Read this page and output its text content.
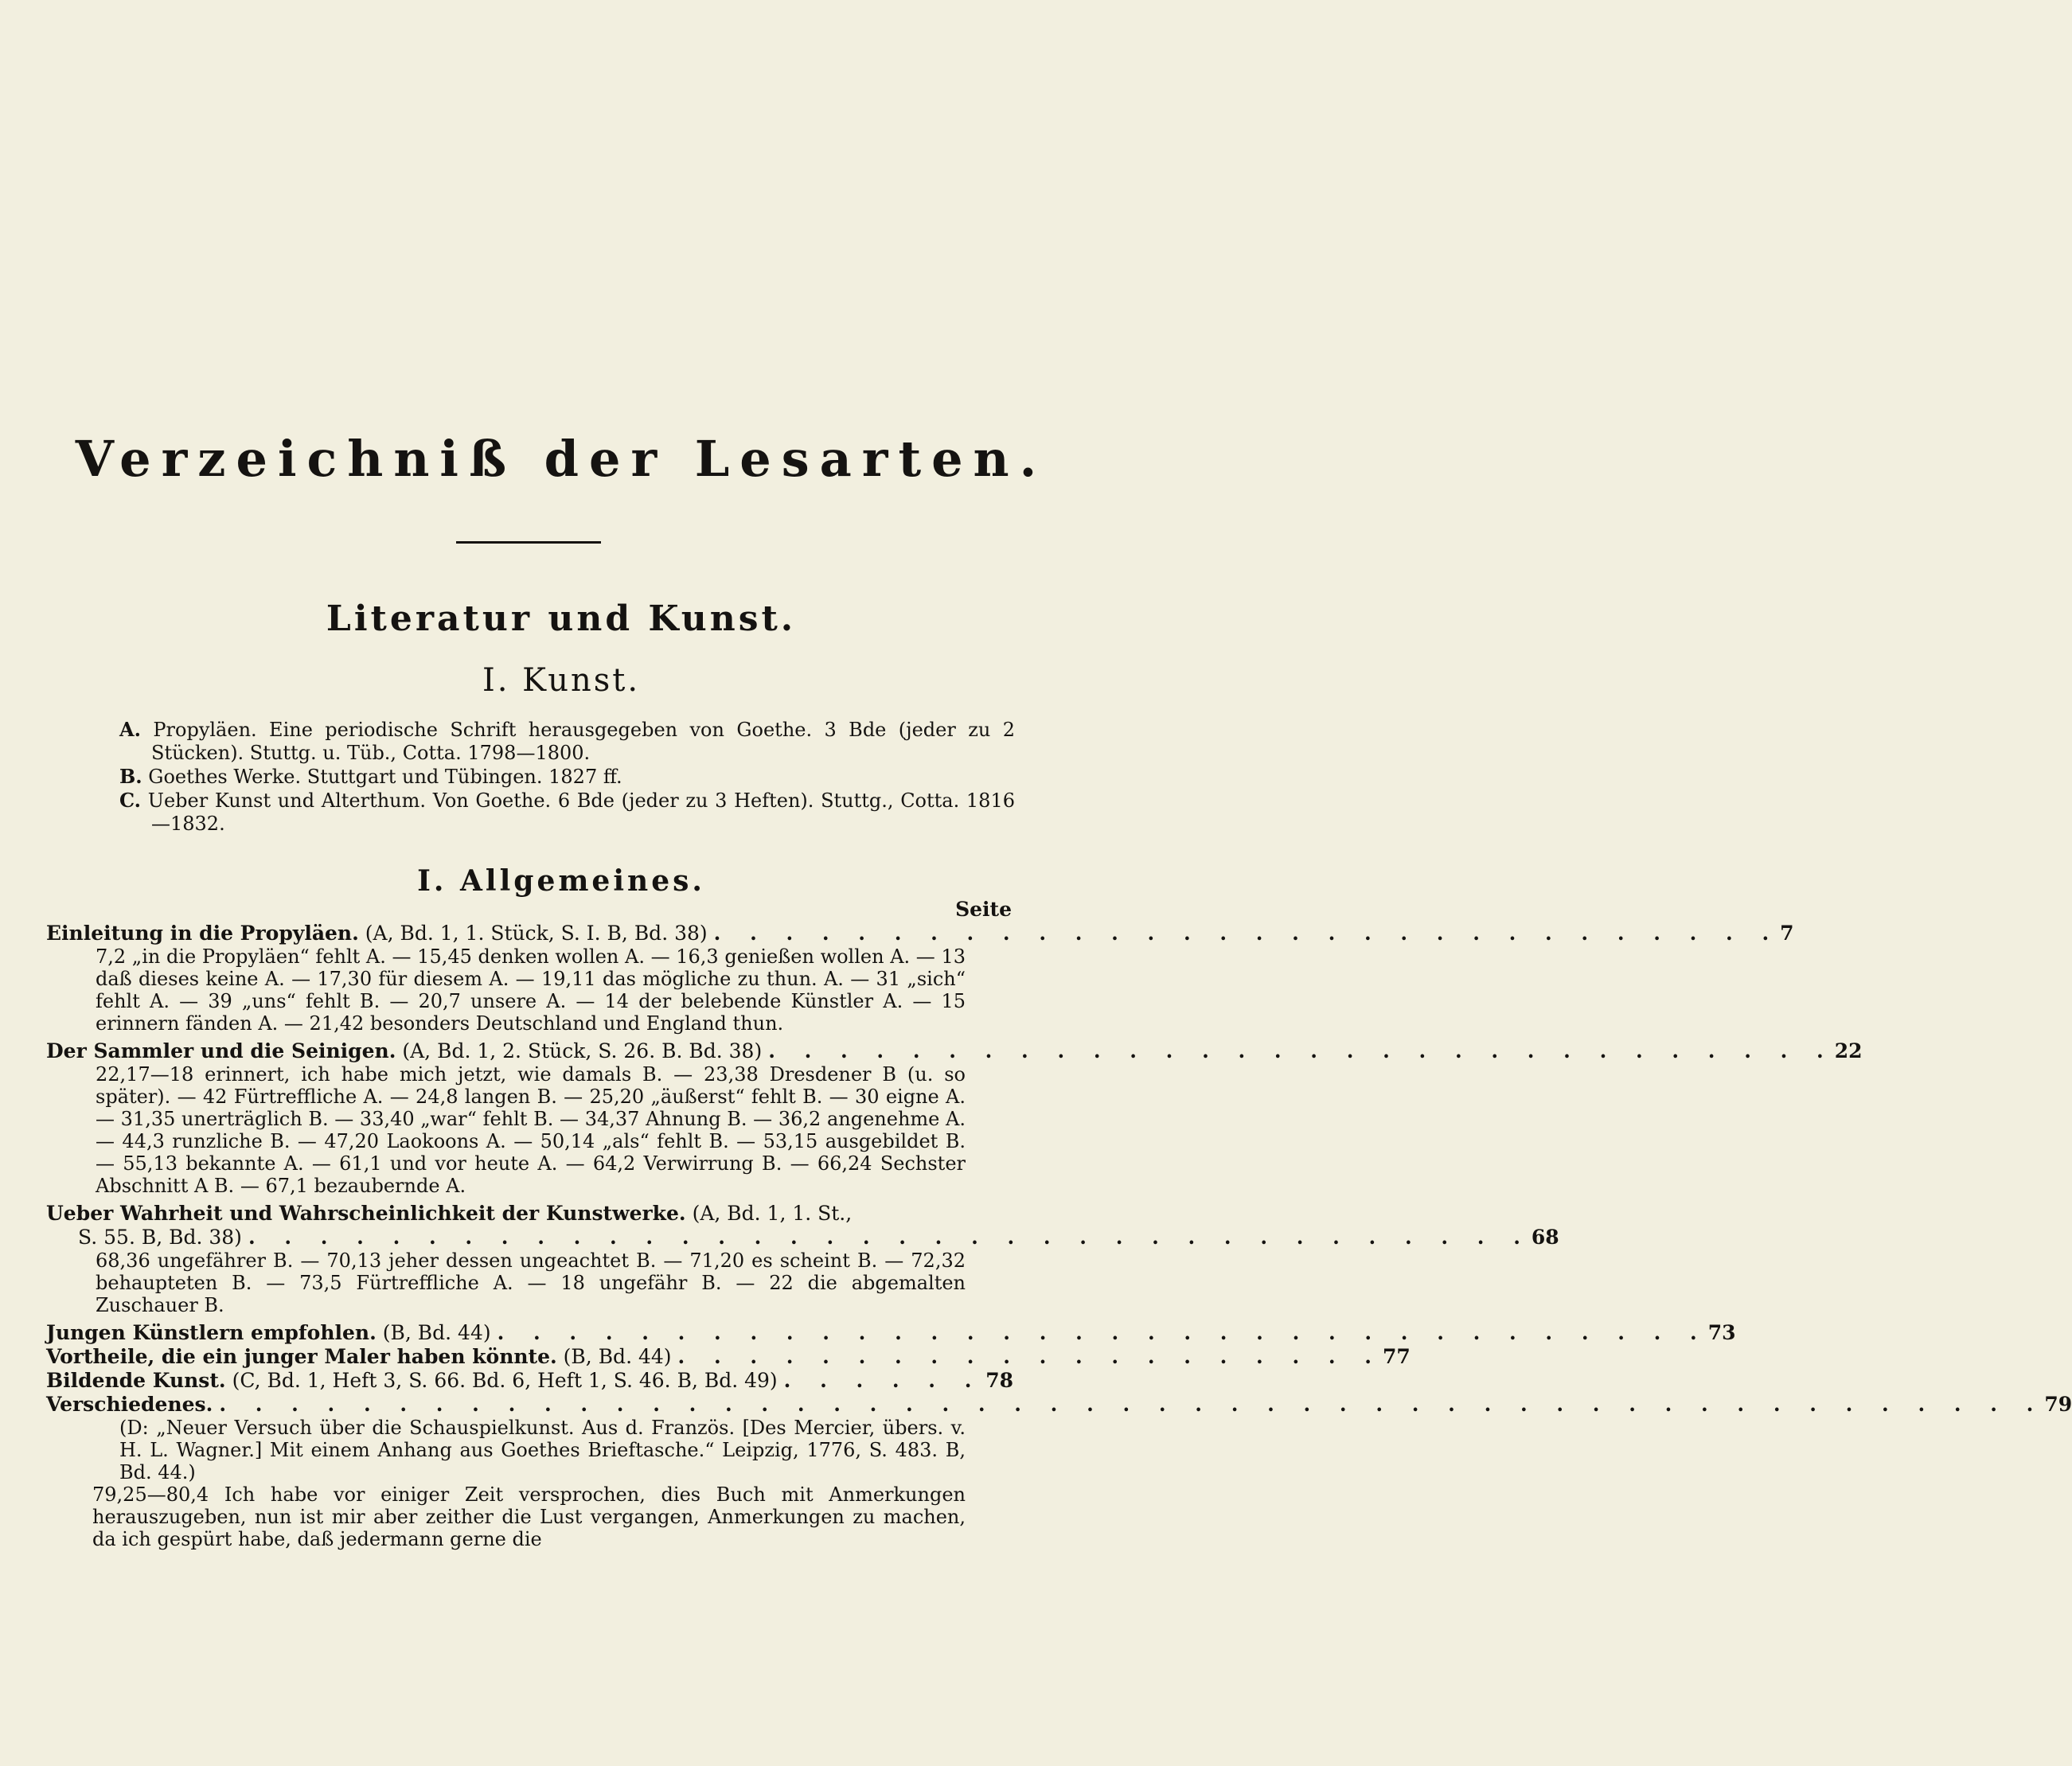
Verzeichniß der Lesarten.
Literatur und Kunst.
I. Kunst.
A. Propyläen. Eine periodische Schrift herausgegeben von Goethe. 3 Bde (jeder zu 2 Stücken). Stuttg. u. Tüb., Cotta. 1798—1800.
B. Goethes Werke. Stuttgart und Tübingen. 1827 ff.
C. Ueber Kunst und Alterthum. Von Goethe. 6 Bde (jeder zu 3 Heften). Stuttg., Cotta. 1816—1832.
I. Allgemeines.
Seite
Einleitung in die Propyläen. (A, Bd. 1, 1. Stück, S. I. B, Bd. 38) . . . . . . . . . . . . . . . . . . . . . . . . . . . . . . 7
7,2 „in die Propyläen“ fehlt A. — 15,45 denken wollen A. — 16,3 genießen wollen A. — 13 daß dieses keine A. — 17,30 für diesem A. — 19,11 das mögliche zu thun. A. — 31 „sich“ fehlt A. — 39 „uns“ fehlt B. — 20,7 unsere A. — 14 der belebende Künstler A. — 15 erinnern fänden A. — 21,42 besonders Deutschland und England thun.
Der Sammler und die Seinigen. (A, Bd. 1, 2. Stück, S. 26. B. Bd. 38) . . . . . . . . . . . . . . . . . . . . . . . . . . . . . . 22
22,17—18 erinnert, ich habe mich jetzt, wie damals B. — 23,38 Dresdener B (u. so später). — 42 Fürtreffliche A. — 24,8 langen B. — 25,20 „äußerst“ fehlt B. — 30 eigne A. — 31,35 unerträglich B. — 33,40 „war“ fehlt B. — 34,37 Ahnung B. — 36,2 angenehme A. — 44,3 runzliche B. — 47,20 Laokoons A. — 50,14 „als“ fehlt B. — 53,15 ausgebildet B. — 55,13 bekannte A. — 61,1 und vor heute A. — 64,2 Verwirrung B. — 66,24 Sechster Abschnitt A B. — 67,1 bezaubernde A.
Ueber Wahrheit und Wahrscheinlichkeit der Kunstwerke. (A, Bd. 1, 1. St.,
S. 55. B, Bd. 38) . . . . . . . . . . . . . . . . . . . . . . . . . . . . . . . . . . . . 68
68,36 ungefährer B. — 70,13 jeher dessen ungeachtet B. — 71,20 es scheint B. — 72,32 behaupteten B. — 73,5 Fürtreffliche A. — 18 ungefähr B. — 22 die abgemalten Zuschauer B.
Jungen Künstlern empfohlen. (B, Bd. 44) . . . . . . . . . . . . . . . . . . . . . . . . . . . . . . . . . . 73
Vortheile, die ein junger Maler haben könnte. (B, Bd. 44) . . . . . . . . . . . . . . . . . . . . 77
Bildende Kunst. (C, Bd. 1, Heft 3, S. 66. Bd. 6, Heft 1, S. 46. B, Bd. 49) . . . . . . 78
Verschiedenes. . . . . . . . . . . . . . . . . . . . . . . . . . . . . . . . . . . . . . . . . . . . . . . . . . . . 79
(D: „Neuer Versuch über die Schauspielkunst. Aus d. Französ. [Des Mercier, übers. v. H. L. Wagner.] Mit einem Anhang aus Goethes Brieftasche.“ Leipzig, 1776, S. 483. B, Bd. 44.)
79,25—80,4 Ich habe vor einiger Zeit versprochen, dies Buch mit Anmerkungen herauszugeben, nun ist mir aber zeither die Lust vergangen, Anmerkungen zu machen, da ich gespürt habe, daß jedermann gerne die
